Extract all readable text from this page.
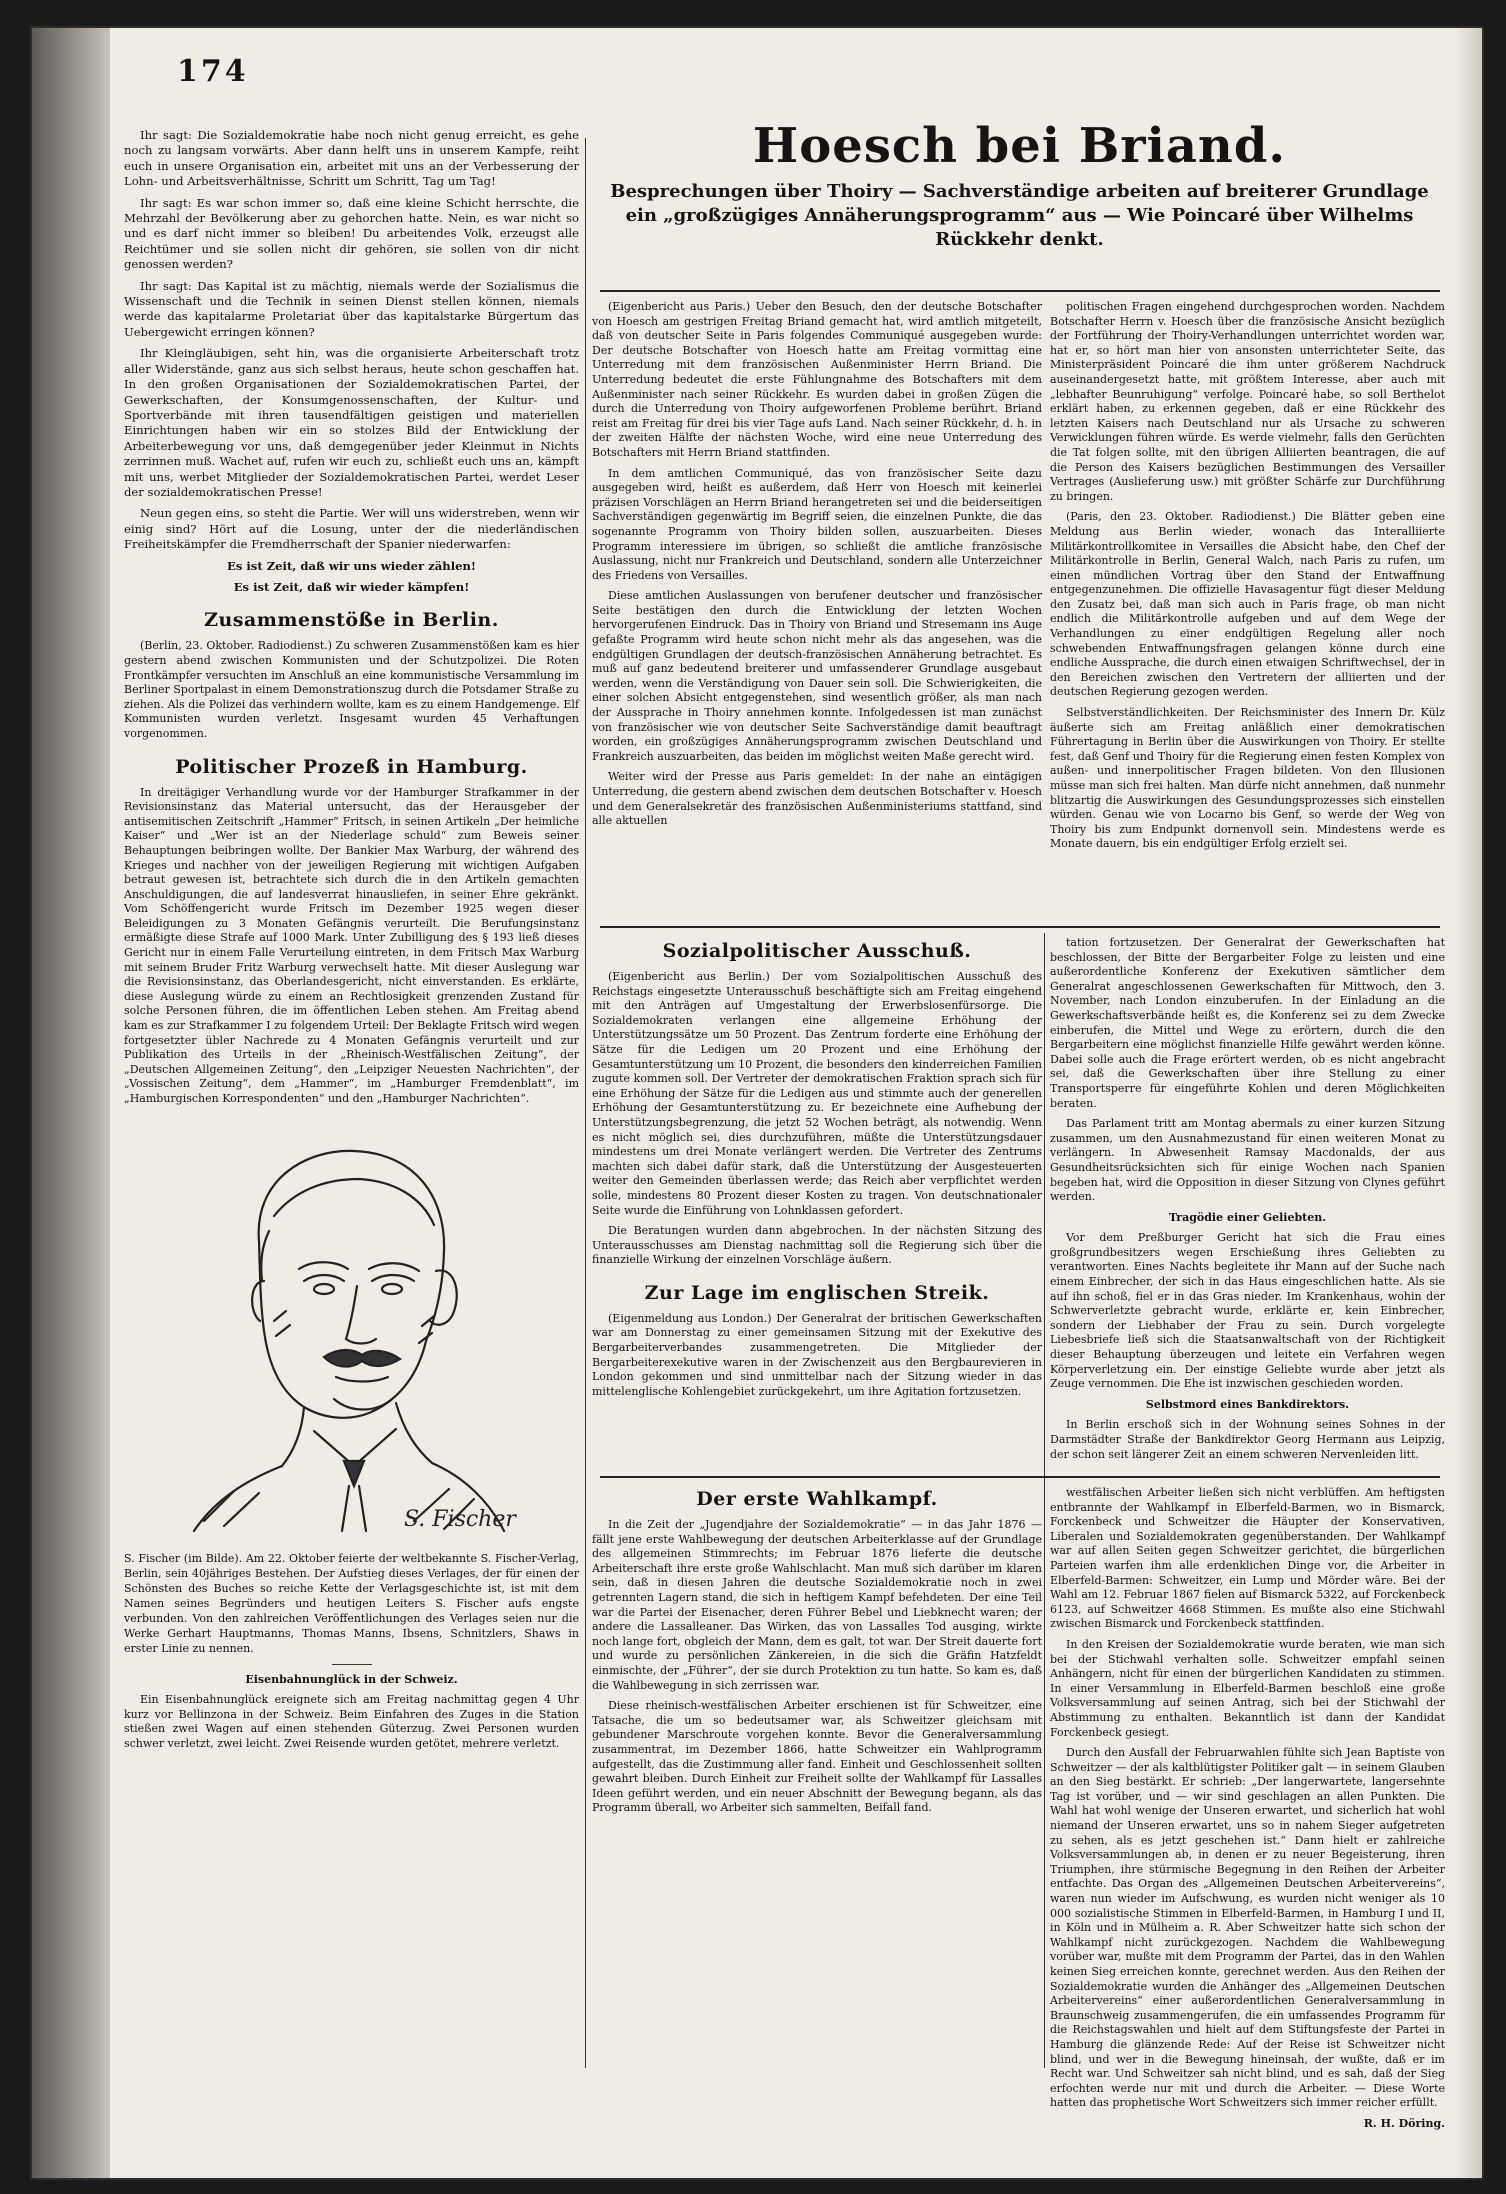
174

Ihr sagt: Die Sozialdemokratie habe noch nicht genug erreicht, es gehe noch zu langsam vorwärts. Aber dann helft uns in unserem Kampfe, reiht euch in unsere Organisation ein, arbeitet mit uns an der Verbesserung der Lohn- und Arbeitsverhältnisse, Schritt um Schritt, Tag um Tag!

Ihr sagt: Es war schon immer so, daß eine kleine Schicht herrschte, die Mehrzahl der Bevölkerung aber zu gehorchen hatte. Nein, es war nicht so und es darf nicht immer so bleiben! Du arbeitendes Volk, erzeugst alle Reichtümer und sie sollen nicht dir gehören, sie sollen von dir nicht genossen werden?

Ihr sagt: Das Kapital ist zu mächtig, niemals werde der Sozialismus die Wissenschaft und die Technik in seinen Dienst stellen können, niemals werde das kapitalarme Proletariat über das kapitalstarke Bürgertum das Uebergewicht erringen können?

Ihr Kleingläubigen, seht hin, was die organisierte Arbeiterschaft trotz aller Widerstände, ganz aus sich selbst heraus, heute schon geschaffen hat. In den großen Organisationen der Sozialdemokratischen Partei, der Gewerkschaften, der Konsumgenossenschaften, der Kultur- und Sportverbände mit ihren tausendfältigen geistigen und materiellen Einrichtungen haben wir ein so stolzes Bild der Entwicklung der Arbeiterbewegung vor uns, daß demgegenüber jeder Kleinmut in Nichts zerrinnen muß. Wachet auf, rufen wir euch zu, schließt euch uns an, kämpft mit uns, werbet Mitglieder der Sozialdemokratischen Partei, werdet Leser der sozialdemokratischen Presse!

Neun gegen eins, so steht die Partie. Wer will uns widerstreben, wenn wir einig sind? Hört auf die Losung, unter der die niederländischen Freiheitskämpfer die Fremdherrschaft der Spanier niederwarfen:

Es ist Zeit, daß wir uns wieder zählen!

Es ist Zeit, daß wir wieder kämpfen!

Zusammenstöße in Berlin.

(Berlin, 23. Oktober. Radiodienst.) Zu schweren Zusammenstößen kam es hier gestern abend zwischen Kommunisten und der Schutzpolizei. Die Roten Frontkämpfer versuchten im Anschluß an eine kommunistische Versammlung im Berliner Sportpalast in einem Demonstrationszug durch die Potsdamer Straße zu ziehen. Als die Polizei das verhindern wollte, kam es zu einem Handgemenge. Elf Kommunisten wurden verletzt. Insgesamt wurden 45 Verhaftungen vorgenommen.

Politischer Prozeß in Hamburg.

In dreitägiger Verhandlung wurde vor der Hamburger Strafkammer in der Revisionsinstanz das Material untersucht, das der Herausgeber der antisemitischen Zeitschrift „Hammer“ Fritsch, in seinen Artikeln „Der heimliche Kaiser“ und „Wer ist an der Niederlage schuld“ zum Beweis seiner Behauptungen beibringen wollte. Der Bankier Max Warburg, der während des Krieges und nachher von der jeweiligen Regierung mit wichtigen Aufgaben betraut gewesen ist, betrachtete sich durch die in den Artikeln gemachten Anschuldigungen, die auf landesverrat hinausliefen, in seiner Ehre gekränkt. Vom Schöffengericht wurde Fritsch im Dezember 1925 wegen dieser Beleidigungen zu 3 Monaten Gefängnis verurteilt. Die Berufungsinstanz ermäßigte diese Strafe auf 1000 Mark. Unter Zubilligung des § 193 ließ dieses Gericht nur in einem Falle Verurteilung eintreten, in dem Fritsch Max Warburg mit seinem Bruder Fritz Warburg verwechselt hatte. Mit dieser Auslegung war die Revisionsinstanz, das Oberlandesgericht, nicht einverstanden. Es erklärte, diese Auslegung würde zu einem an Rechtlosigkeit grenzenden Zustand für solche Personen führen, die im öffentlichen Leben stehen. Am Freitag abend kam es zur Strafkammer I zu folgendem Urteil: Der Beklagte Fritsch wird wegen fortgesetzter übler Nachrede zu 4 Monaten Gefängnis verurteilt und zur Publikation des Urteils in der „Rheinisch-Westfälischen Zeitung“, der „Deutschen Allgemeinen Zeitung“, den „Leipziger Neuesten Nachrichten“, der „Vossischen Zeitung“, dem „Hammer“, im „Hamburger Fremdenblatt“, im „Hamburgischen Korrespondenten“ und den „Hamburger Nachrichten“.

S. Fischer

S. Fischer (im Bilde). Am 22. Oktober feierte der weltbekannte S. Fischer-Verlag, Berlin, sein 40jähriges Bestehen. Der Aufstieg dieses Verlages, der für einen der Schönsten des Buches so reiche Kette der Verlagsgeschichte ist, ist mit dem Namen seines Begründers und heutigen Leiters S. Fischer aufs engste verbunden. Von den zahlreichen Veröffentlichungen des Verlages seien nur die Werke Gerhart Hauptmanns, Thomas Manns, Ibsens, Schnitzlers, Shaws in erster Linie zu nennen.

Eisenbahnunglück in der Schweiz.

Ein Eisenbahnunglück ereignete sich am Freitag nachmittag gegen 4 Uhr kurz vor Bellinzona in der Schweiz. Beim Einfahren des Zuges in die Station stießen zwei Wagen auf einen stehenden Güterzug. Zwei Personen wurden schwer verletzt, zwei leicht. Zwei Reisende wurden getötet, mehrere verletzt.

Hoesch bei Briand.
Besprechungen über Thoiry — Sachverständige arbeiten auf breiterer Grundlage ein „großzügiges Annäherungsprogramm“ aus — Wie Poincaré über Wilhelms Rückkehr denkt.

(Eigenbericht aus Paris.) Ueber den Besuch, den der deutsche Botschafter von Hoesch am gestrigen Freitag Briand gemacht hat, wird amtlich mitgeteilt, daß von deutscher Seite in Paris folgendes Communiqué ausgegeben wurde: Der deutsche Botschafter von Hoesch hatte am Freitag vormittag eine Unterredung mit dem französischen Außenminister Herrn Briand. Die Unterredung bedeutet die erste Fühlungnahme des Botschafters mit dem Außenminister nach seiner Rückkehr. Es wurden dabei in großen Zügen die durch die Unterredung von Thoiry aufgeworfenen Probleme berührt. Briand reist am Freitag für drei bis vier Tage aufs Land. Nach seiner Rückkehr, d. h. in der zweiten Hälfte der nächsten Woche, wird eine neue Unterredung des Botschafters mit Herrn Briand stattfinden.

In dem amtlichen Communiqué, das von französischer Seite dazu ausgegeben wird, heißt es außerdem, daß Herr von Hoesch mit keinerlei präzisen Vorschlägen an Herrn Briand herangetreten sei und die beiderseitigen Sachverständigen gegenwärtig im Begriff seien, die einzelnen Punkte, die das sogenannte Programm von Thoiry bilden sollen, auszuarbeiten. Dieses Programm interessiere im übrigen, so schließt die amtliche französische Auslassung, nicht nur Frankreich und Deutschland, sondern alle Unterzeichner des Friedens von Versailles.

Diese amtlichen Auslassungen von berufener deutscher und französischer Seite bestätigen den durch die Entwicklung der letzten Wochen hervorgerufenen Eindruck. Das in Thoiry von Briand und Stresemann ins Auge gefaßte Programm wird heute schon nicht mehr als das angesehen, was die endgültigen Grundlagen der deutsch-französischen Annäherung betrachtet. Es muß auf ganz bedeutend breiterer und umfassenderer Grundlage ausgebaut werden, wenn die Verständigung von Dauer sein soll. Die Schwierigkeiten, die einer solchen Absicht entgegenstehen, sind wesentlich größer, als man nach der Aussprache in Thoiry annehmen konnte. Infolgedessen ist man zunächst von französischer wie von deutscher Seite Sachverständige damit beauftragt worden, ein großzügiges Annäherungsprogramm zwischen Deutschland und Frankreich auszuarbeiten, das beiden im möglichst weiten Maße gerecht wird.

Weiter wird der Presse aus Paris gemeldet: In der nahe an eintägigen Unterredung, die gestern abend zwischen dem deutschen Botschafter v. Hoesch und dem Generalsekretär des französischen Außenministeriums stattfand, sind alle aktuellen

politischen Fragen eingehend durchgesprochen worden. Nachdem Botschafter Herrn v. Hoesch über die französische Ansicht bezüglich der Fortführung der Thoiry-Verhandlungen unterrichtet worden war, hat er, so hört man hier von ansonsten unterrichteter Seite, das Ministerpräsident Poincaré die ihm unter größerem Nachdruck auseinandergesetzt hatte, mit größtem Interesse, aber auch mit „lebhafter Beunruhigung“ verfolge. Poincaré habe, so soll Berthelot erklärt haben, zu erkennen gegeben, daß er eine Rückkehr des letzten Kaisers nach Deutschland nur als Ursache zu schweren Verwicklungen führen würde. Es werde vielmehr, falls den Gerüchten die Tat folgen sollte, mit den übrigen Alliierten beantragen, die auf die Person des Kaisers bezüglichen Bestimmungen des Versailler Vertrages (Auslieferung usw.) mit größter Schärfe zur Durchführung zu bringen.

(Paris, den 23. Oktober. Radiodienst.) Die Blätter geben eine Meldung aus Berlin wieder, wonach das Interalliierte Militärkontrollkomitee in Versailles die Absicht habe, den Chef der Militärkontrolle in Berlin, General Walch, nach Paris zu rufen, um einen mündlichen Vortrag über den Stand der Entwaffnung entgegenzunehmen. Die offizielle Havasagentur fügt dieser Meldung den Zusatz bei, daß man sich auch in Paris frage, ob man nicht endlich die Militärkontrolle aufgeben und auf dem Wege der Verhandlungen zu einer endgültigen Regelung aller noch schwebenden Entwaffnungsfragen gelangen könne durch eine endliche Aussprache, die durch einen etwaigen Schriftwechsel, der in den Bereichen zwischen den Vertretern der alliierten und der deutschen Regierung gezogen werden.

Selbstverständlichkeiten. Der Reichsminister des Innern Dr. Külz äußerte sich am Freitag anläßlich einer demokratischen Führertagung in Berlin über die Auswirkungen von Thoiry. Er stellte fest, daß Genf und Thoiry für die Regierung einen festen Komplex von außen- und innerpolitischer Fragen bildeten. Von den Illusionen müsse man sich frei halten. Man dürfe nicht annehmen, daß nunmehr blitzartig die Auswirkungen des Gesundungsprozesses sich einstellen würden. Genau wie von Locarno bis Genf, so werde der Weg von Thoiry bis zum Endpunkt dornenvoll sein. Mindestens werde es Monate dauern, bis ein endgültiger Erfolg erzielt sei.

Sozialpolitischer Ausschuß.

(Eigenbericht aus Berlin.) Der vom Sozialpolitischen Ausschuß des Reichstags eingesetzte Unterausschuß beschäftigte sich am Freitag eingehend mit den Anträgen auf Umgestaltung der Erwerbslosenfürsorge. Die Sozialdemokraten verlangen eine allgemeine Erhöhung der Unterstützungssätze um 50 Prozent. Das Zentrum forderte eine Erhöhung der Sätze für die Ledigen um 20 Prozent und eine Erhöhung der Gesamtunterstützung um 10 Prozent, die besonders den kinderreichen Familien zugute kommen soll. Der Vertreter der demokratischen Fraktion sprach sich für eine Erhöhung der Sätze für die Ledigen aus und stimmte auch der generellen Erhöhung der Gesamtunterstützung zu. Er bezeichnete eine Aufhebung der Unterstützungsbegrenzung, die jetzt 52 Wochen beträgt, als notwendig. Wenn es nicht möglich sei, dies durchzuführen, müßte die Unterstützungsdauer mindestens um drei Monate verlängert werden. Die Vertreter des Zentrums machten sich dabei dafür stark, daß die Unterstützung der Ausgesteuerten weiter den Gemeinden überlassen werde; das Reich aber verpflichtet werden solle, mindestens 80 Prozent dieser Kosten zu tragen. Von deutschnationaler Seite wurde die Einführung von Lohnklassen gefordert.

Die Beratungen wurden dann abgebrochen. In der nächsten Sitzung des Unterausschusses am Dienstag nachmittag soll die Regierung sich über die finanzielle Wirkung der einzelnen Vorschläge äußern.

Zur Lage im englischen Streik.

(Eigenmeldung aus London.) Der Generalrat der britischen Gewerkschaften war am Donnerstag zu einer gemeinsamen Sitzung mit der Exekutive des Bergarbeiterverbandes zusammengetreten. Die Mitglieder der Bergarbeiterexekutive waren in der Zwischenzeit aus den Bergbaurevieren in London gekommen und sind unmittelbar nach der Sitzung wieder in das mittelenglische Kohlengebiet zurückgekehrt, um ihre Agitation fortzusetzen.

tation fortzusetzen. Der Generalrat der Gewerkschaften hat beschlossen, der Bitte der Bergarbeiter Folge zu leisten und eine außerordentliche Konferenz der Exekutiven sämtlicher dem Generalrat angeschlossenen Gewerkschaften für Mittwoch, den 3. November, nach London einzuberufen. In der Einladung an die Gewerkschaftsverbände heißt es, die Konferenz sei zu dem Zwecke einberufen, die Mittel und Wege zu erörtern, durch die den Bergarbeitern eine möglichst finanzielle Hilfe gewährt werden könne. Dabei solle auch die Frage erörtert werden, ob es nicht angebracht sei, daß die Gewerkschaften über ihre Stellung zu einer Transportsperre für eingeführte Kohlen und deren Möglichkeiten beraten.

Das Parlament tritt am Montag abermals zu einer kurzen Sitzung zusammen, um den Ausnahmezustand für einen weiteren Monat zu verlängern. In Abwesenheit Ramsay Macdonalds, der aus Gesundheitsrücksichten sich für einige Wochen nach Spanien begeben hat, wird die Opposition in dieser Sitzung von Clynes geführt werden.

Tragödie einer Geliebten.

Vor dem Preßburger Gericht hat sich die Frau eines großgrundbesitzers wegen Erschießung ihres Geliebten zu verantworten. Eines Nachts begleitete ihr Mann auf der Suche nach einem Einbrecher, der sich in das Haus eingeschlichen hatte. Als sie auf ihn schoß, fiel er in das Gras nieder. Im Krankenhaus, wohin der Schwerverletzte gebracht wurde, erklärte er, kein Einbrecher, sondern der Liebhaber der Frau zu sein. Durch vorgelegte Liebesbriefe ließ sich die Staatsanwaltschaft von der Richtigkeit dieser Behauptung überzeugen und leitete ein Verfahren wegen Körperverletzung ein. Der einstige Geliebte wurde aber jetzt als Zeuge vernommen. Die Ehe ist inzwischen geschieden worden.

Selbstmord eines Bankdirektors.

In Berlin erschoß sich in der Wohnung seines Sohnes in der Darmstädter Straße der Bankdirektor Georg Hermann aus Leipzig, der schon seit längerer Zeit an einem schweren Nervenleiden litt.

Der erste Wahlkampf.

In die Zeit der „Jugendjahre der Sozialdemokratie“ — in das Jahr 1876 — fällt jene erste Wahlbewegung der deutschen Arbeiterklasse auf der Grundlage des allgemeinen Stimmrechts; im Februar 1876 lieferte die deutsche Arbeiterschaft ihre erste große Wahlschlacht. Man muß sich darüber im klaren sein, daß in diesen Jahren die deutsche Sozialdemokratie noch in zwei getrennten Lagern stand, die sich in heftigem Kampf befehdeten. Der eine Teil war die Partei der Eisenacher, deren Führer Bebel und Liebknecht waren; der andere die Lassalleaner. Das Wirken, das von Lassalles Tod ausging, wirkte noch lange fort, obgleich der Mann, dem es galt, tot war. Der Streit dauerte fort und wurde zu persönlichen Zänkereien, in die sich die Gräfin Hatzfeldt einmischte, der „Führer“, der sie durch Protektion zu tun hatte. So kam es, daß die Wahlbewegung in sich zerrissen war.

Diese rheinisch-westfälischen Arbeiter erschienen ist für Schweitzer, eine Tatsache, die um so bedeutsamer war, als Schweitzer gleichsam mit gebundener Marschroute vorgehen konnte. Bevor die Generalversammlung zusammentrat, im Dezember 1866, hatte Schweitzer ein Wahlprogramm aufgestellt, das die Zustimmung aller fand. Einheit und Geschlossenheit sollten gewahrt bleiben. Durch Einheit zur Freiheit sollte der Wahlkampf für Lassalles Ideen geführt werden, und ein neuer Abschnitt der Bewegung begann, als das Programm überall, wo Arbeiter sich sammelten, Beifall fand.

westfälischen Arbeiter ließen sich nicht verblüffen. Am heftigsten entbrannte der Wahlkampf in Elberfeld-Barmen, wo in Bismarck, Forckenbeck und Schweitzer die Häupter der Konservativen, Liberalen und Sozialdemokraten gegenüberstanden. Der Wahlkampf war auf allen Seiten gegen Schweitzer gerichtet, die bürgerlichen Parteien warfen ihm alle erdenklichen Dinge vor, die Arbeiter in Elberfeld-Barmen: Schweitzer, ein Lump und Mörder wäre. Bei der Wahl am 12. Februar 1867 fielen auf Bismarck 5322, auf Forckenbeck 6123, auf Schweitzer 4668 Stimmen. Es mußte also eine Stichwahl zwischen Bismarck und Forckenbeck stattfinden.

In den Kreisen der Sozialdemokratie wurde beraten, wie man sich bei der Stichwahl verhalten solle. Schweitzer empfahl seinen Anhängern, nicht für einen der bürgerlichen Kandidaten zu stimmen. In einer Versammlung in Elberfeld-Barmen beschloß eine große Volksversammlung auf seinen Antrag, sich bei der Stichwahl der Abstimmung zu enthalten. Bekanntlich ist dann der Kandidat Forckenbeck gesiegt.

Durch den Ausfall der Februarwahlen fühlte sich Jean Baptiste von Schweitzer — der als kaltblütigster Politiker galt — in seinem Glauben an den Sieg bestärkt. Er schrieb: „Der langerwartete, langersehnte Tag ist vorüber, und — wir sind geschlagen an allen Punkten. Die Wahl hat wohl wenige der Unseren erwartet, und sicherlich hat wohl niemand der Unseren erwartet, uns so in nahem Sieger aufgetreten zu sehen, als es jetzt geschehen ist.“ Dann hielt er zahlreiche Volksversammlungen ab, in denen er zu neuer Begeisterung, ihren Triumphen, ihre stürmische Begegnung in den Reihen der Arbeiter entfachte. Das Organ des „Allgemeinen Deutschen Arbeitervereins“, waren nun wieder im Aufschwung, es wurden nicht weniger als 10 000 sozialistische Stimmen in Elberfeld-Barmen, in Hamburg I und II, in Köln und in Mülheim a. R. Aber Schweitzer hatte sich schon der Wahlkampf nicht zurückgezogen. Nachdem die Wahlbewegung vorüber war, mußte mit dem Programm der Partei, das in den Wahlen keinen Sieg erreichen konnte, gerechnet werden. Aus den Reihen der Sozialdemokratie wurden die Anhänger des „Allgemeinen Deutschen Arbeitervereins“ einer außerordentlichen Generalversammlung in Braunschweig zusammengerufen, die ein umfassendes Programm für die Reichstagswahlen und hielt auf dem Stiftungsfeste der Partei in Hamburg die glänzende Rede: Auf der Reise ist Schweitzer nicht blind, und wer in die Bewegung hineinsah, der wußte, daß er im Recht war. Und Schweitzer sah nicht blind, und es sah, daß der Sieg erfochten werde nur mit und durch die Arbeiter. — Diese Worte hatten das prophetische Wort Schweitzers sich immer reicher erfüllt.

R. H. Döring.
